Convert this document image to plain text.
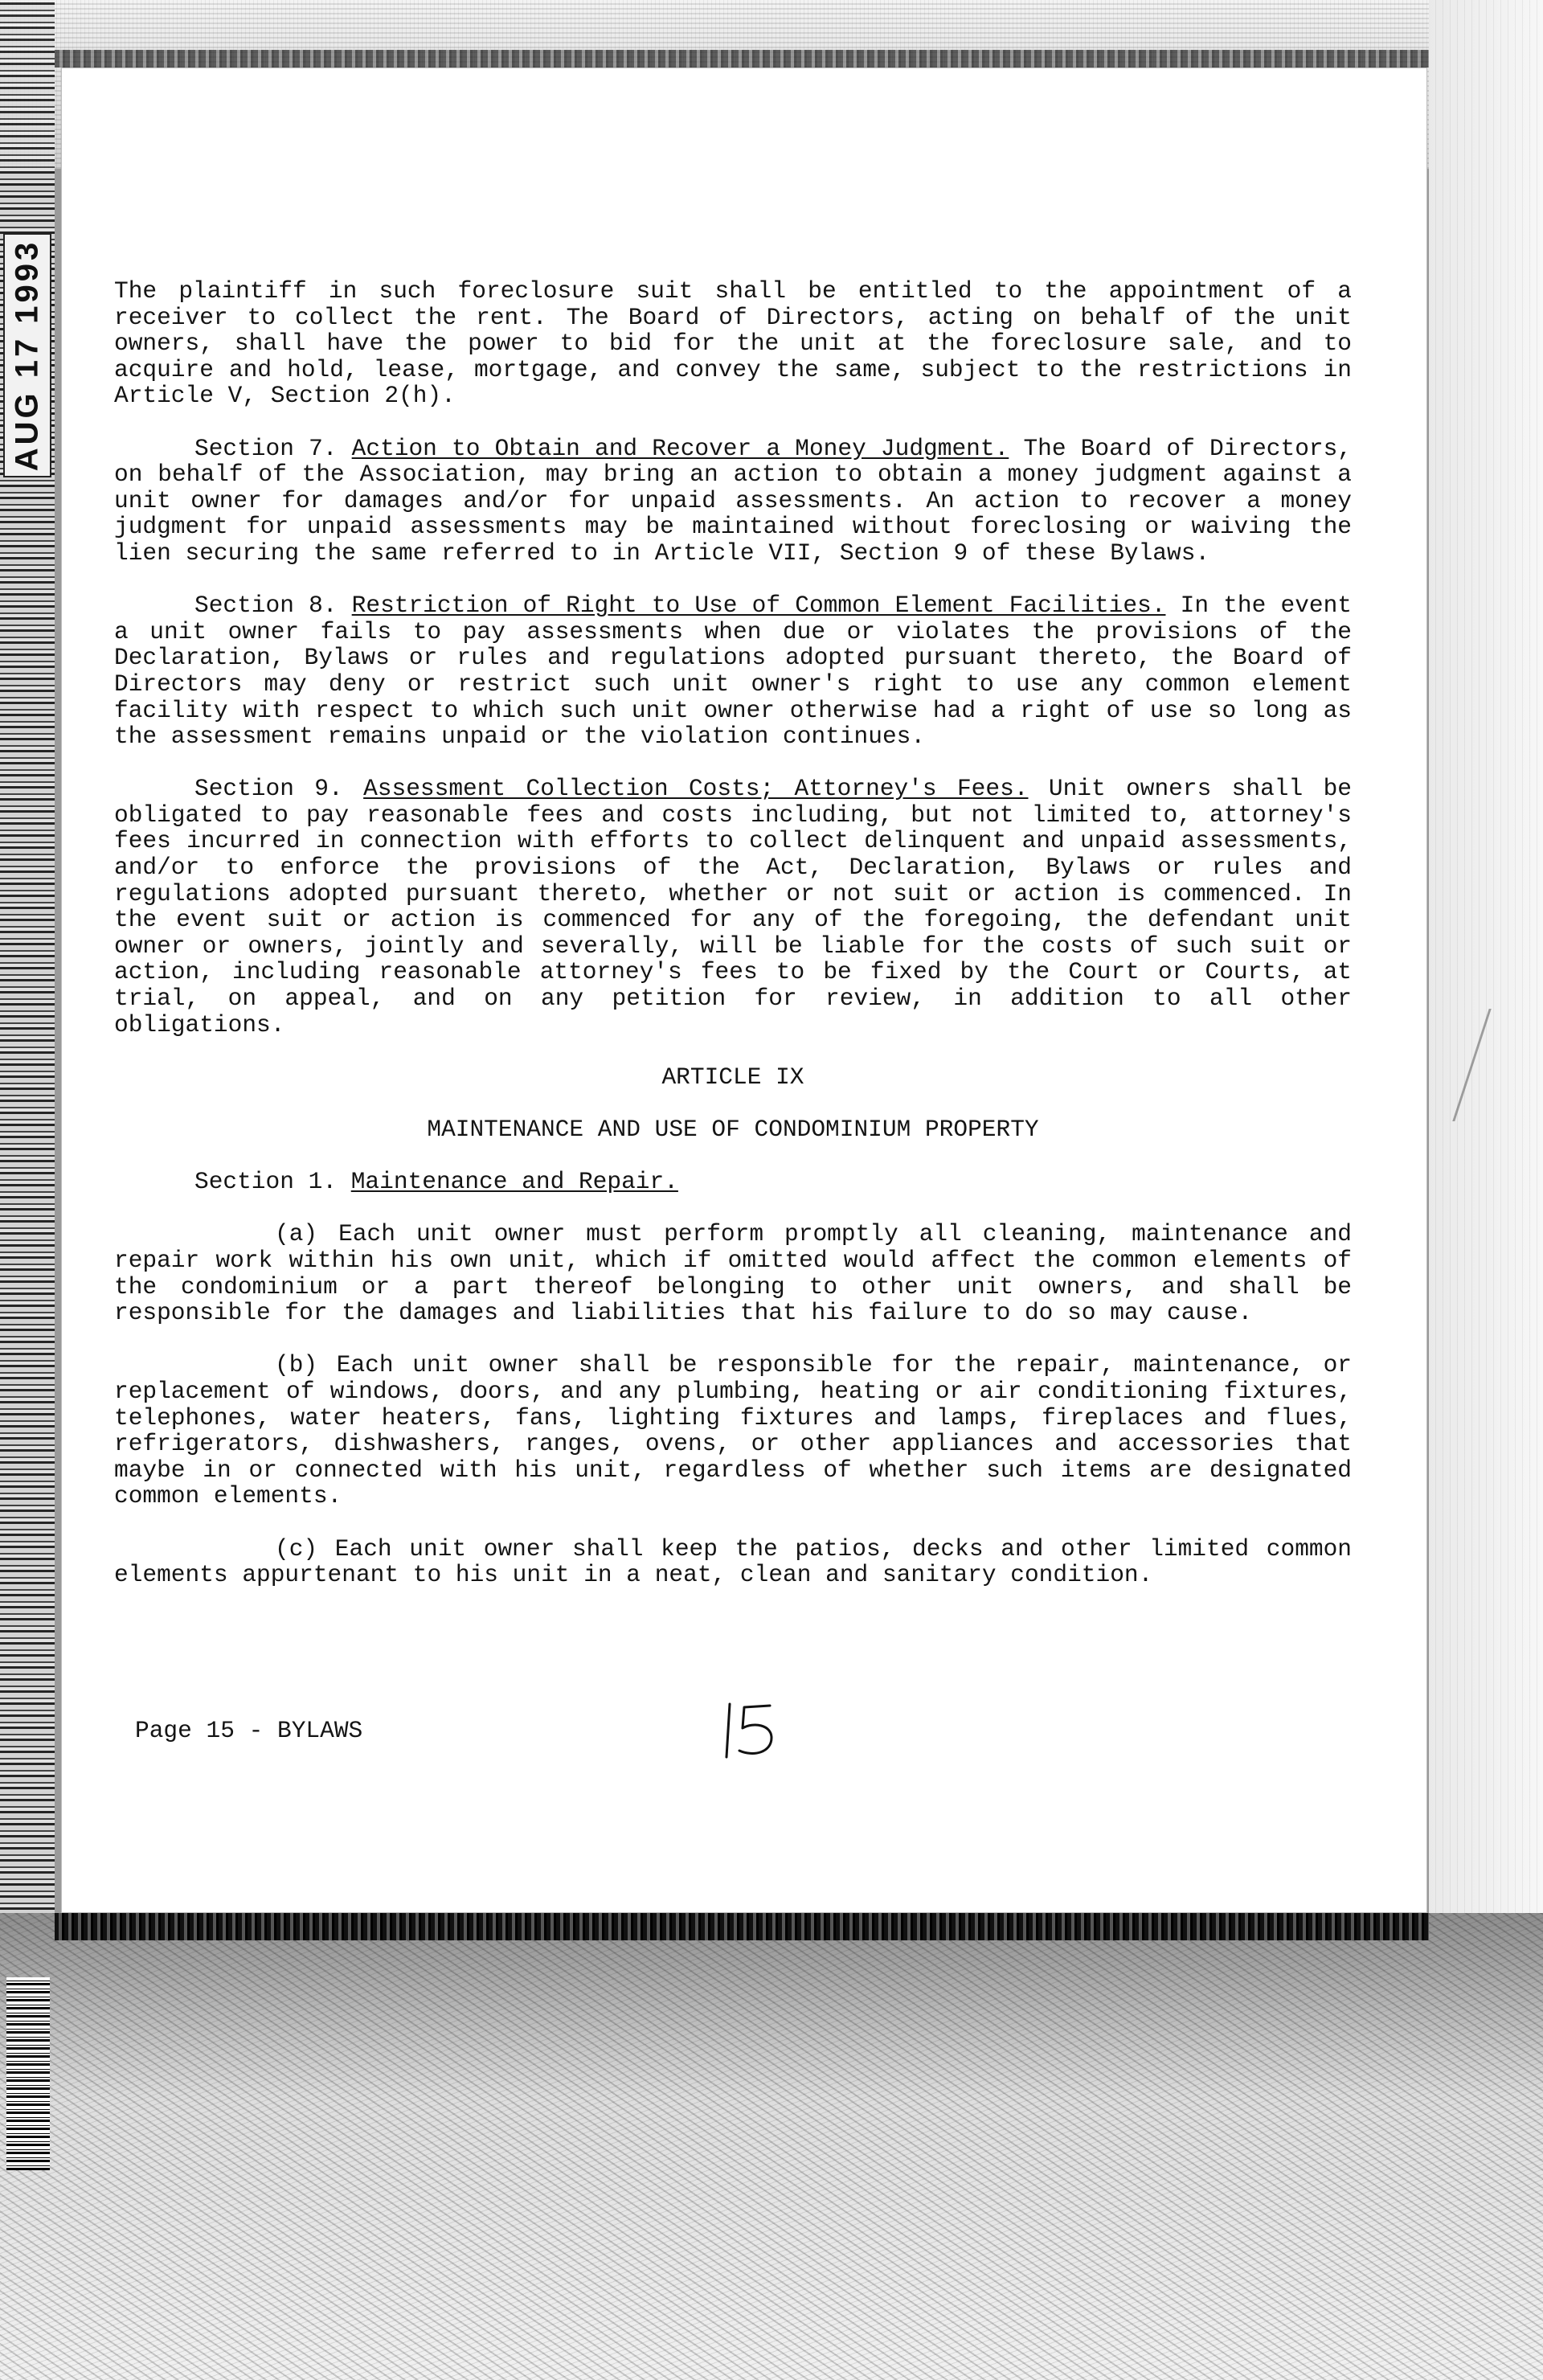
AUG 17 1993	The plaintiff in such foreclosure suit shall be entitled to the appointment of a receiver to collect the rent. The Board of Directors, acting on behalf of the unit owners, shall have the power to bid for the unit at the foreclosure sale, and to acquire and hold, lease, mortgage, and convey the same, subject to the restrictions in Article V, Section 2(h).

Section 7. Action to Obtain and Recover a Money Judgment. The Board of Directors, on behalf of the Association, may bring an action to obtain a money judgment against a unit owner for damages and/or for unpaid assessments. An action to recover a money judgment for unpaid assessments may be maintained without foreclosing or waiving the lien securing the same referred to in Article VII, Section 9 of these Bylaws.

Section 8. Restriction of Right to Use of Common Element Facilities. In the event a unit owner fails to pay assessments when due or violates the provisions of the Declaration, Bylaws or rules and regulations adopted pursuant thereto, the Board of Directors may deny or restrict such unit owner's right to use any common element facility with respect to which such unit owner otherwise had a right of use so long as the assessment remains unpaid or the violation continues.

Section 9. Assessment Collection Costs; Attorney's Fees. Unit owners shall be obligated to pay reasonable fees and costs including, but not limited to, attorney's fees incurred in connection with efforts to collect delinquent and unpaid assessments, and/or to enforce the provisions of the Act, Declaration, Bylaws or rules and regulations adopted pursuant thereto, whether or not suit or action is commenced. In the event suit or action is commenced for any of the foregoing, the defendant unit owner or owners, jointly and severally, will be liable for the costs of such suit or action, including reasonable attorney's fees to be fixed by the Court or Courts, at trial, on appeal, and on any petition for review, in addition to all other obligations.

ARTICLE IX

MAINTENANCE AND USE OF CONDOMINIUM PROPERTY

Section 1. Maintenance and Repair.

(a) Each unit owner must perform promptly all cleaning, maintenance and repair work within his own unit, which if omitted would affect the common elements of the condominium or a part thereof belonging to other unit owners, and shall be responsible for the damages and liabilities that his failure to do so may cause.

(b) Each unit owner shall be responsible for the repair, maintenance, or replacement of windows, doors, and any plumbing, heating or air conditioning fixtures, telephones, water heaters, fans, lighting fixtures and lamps, fireplaces and flues, refrigerators, dishwashers, ranges, ovens, or other appliances and accessories that maybe in or connected with his unit, regardless of whether such items are designated common elements.

(c) Each unit owner shall keep the patios, decks and other limited common elements appurtenant to his unit in a neat, clean and sanitary condition.

Page 15 - BYLAWS
